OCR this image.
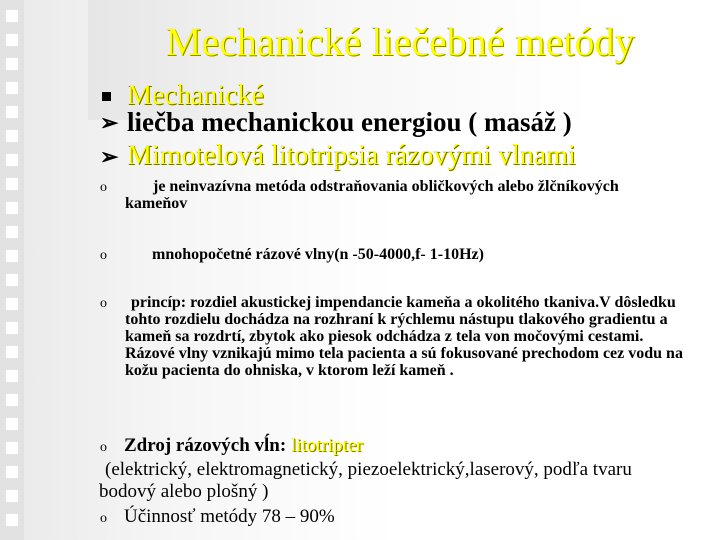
Mechanické liečebné metódy
Mechanické
➢ liečba mechanickou energiou ( masáž )
➢ Mimotelová litotripsia rázovými vlnami
o	je neinvazívna metóda odstraňovania obličkových alebo žlčníkových kameňov
o	mnohopočetné rázové vlny(n -50-4000,f- 1-10Hz)
o	princíp: rozdiel akustickej impendancie kameňa a okolitého tkaniva.V dôsledku tohto rozdielu dochádza na rozhraní k rýchlemu nástupu tlakového gradientu a kameň sa rozdrtí, zbytok ako piesok odchádza z tela von močovými cestami. Rázové vlny vznikajú mimo tela pacienta a sú fokusované prechodom cez vodu na kožu pacienta do ohniska, v ktorom leží kameň .
o Zdroj rázových vĺn: litotripter
(elektrický, elektromagnetický, piezoelektrický,laserový, podľa tvaru bodový alebo plošný )
o Účinnosť metódy 78 – 90%
